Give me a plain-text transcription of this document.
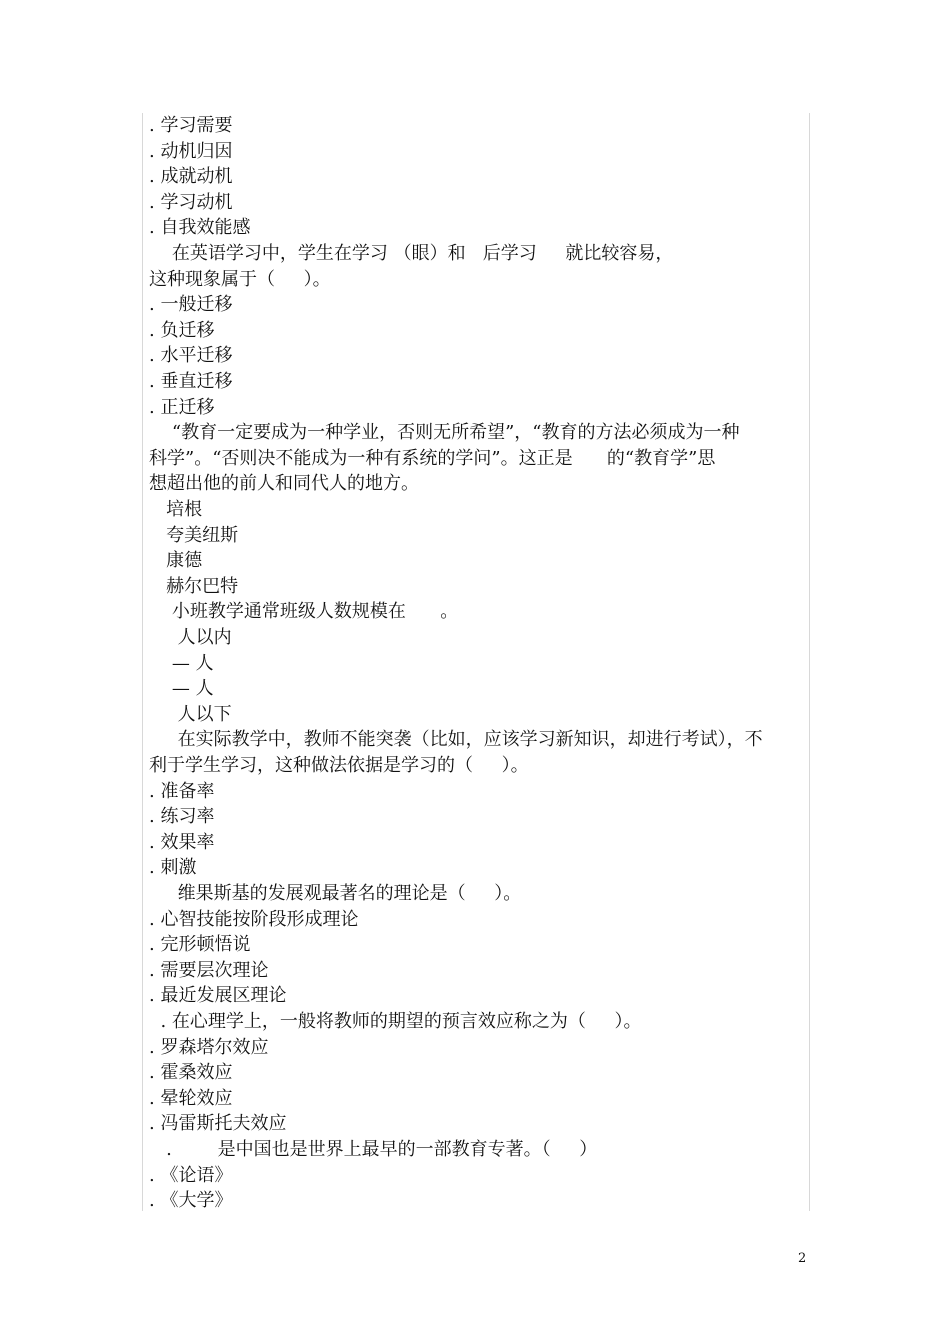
. 学习需要
. 动机归因
. 成就动机
. 学习动机
. 自我效能感
在英语学习中，学生在学习 （眼）和   后学习     就比较容易，
这种现象属于（     ）。
. 一般迁移
. 负迁移
. 水平迁移
. 垂直迁移
. 正迁移
“教育一定要成为一种学业，否则无所希望”，“教育的方法必须成为一种
科学”。“否则决不能成为一种有系统的学问”。这正是      的“教育学”思
想超出他的前人和同代人的地方。
培根
夸美纽斯
康德
赫尔巴特
小班教学通常班级人数规模在      。
人以内
— 人
— 人
人以下
在实际教学中，教师不能突袭（比如，应该学习新知识，却进行考试），不
利于学生学习，这种做法依据是学习的（     ）。
. 准备率
. 练习率
. 效果率
. 刺激
维果斯基的发展观最著名的理论是（     ）。
. 心智技能按阶段形成理论
. 完形顿悟说
. 需要层次理论
. 最近发展区理论
. 在心理学上，一般将教师的期望的预言效应称之为（     ）。
. 罗森塔尔效应
. 霍桑效应
. 晕轮效应
. 冯雷斯托夫效应
.        是中国也是世界上最早的一部教育专著。（     ）
. 《论语》
. 《大学》
2
